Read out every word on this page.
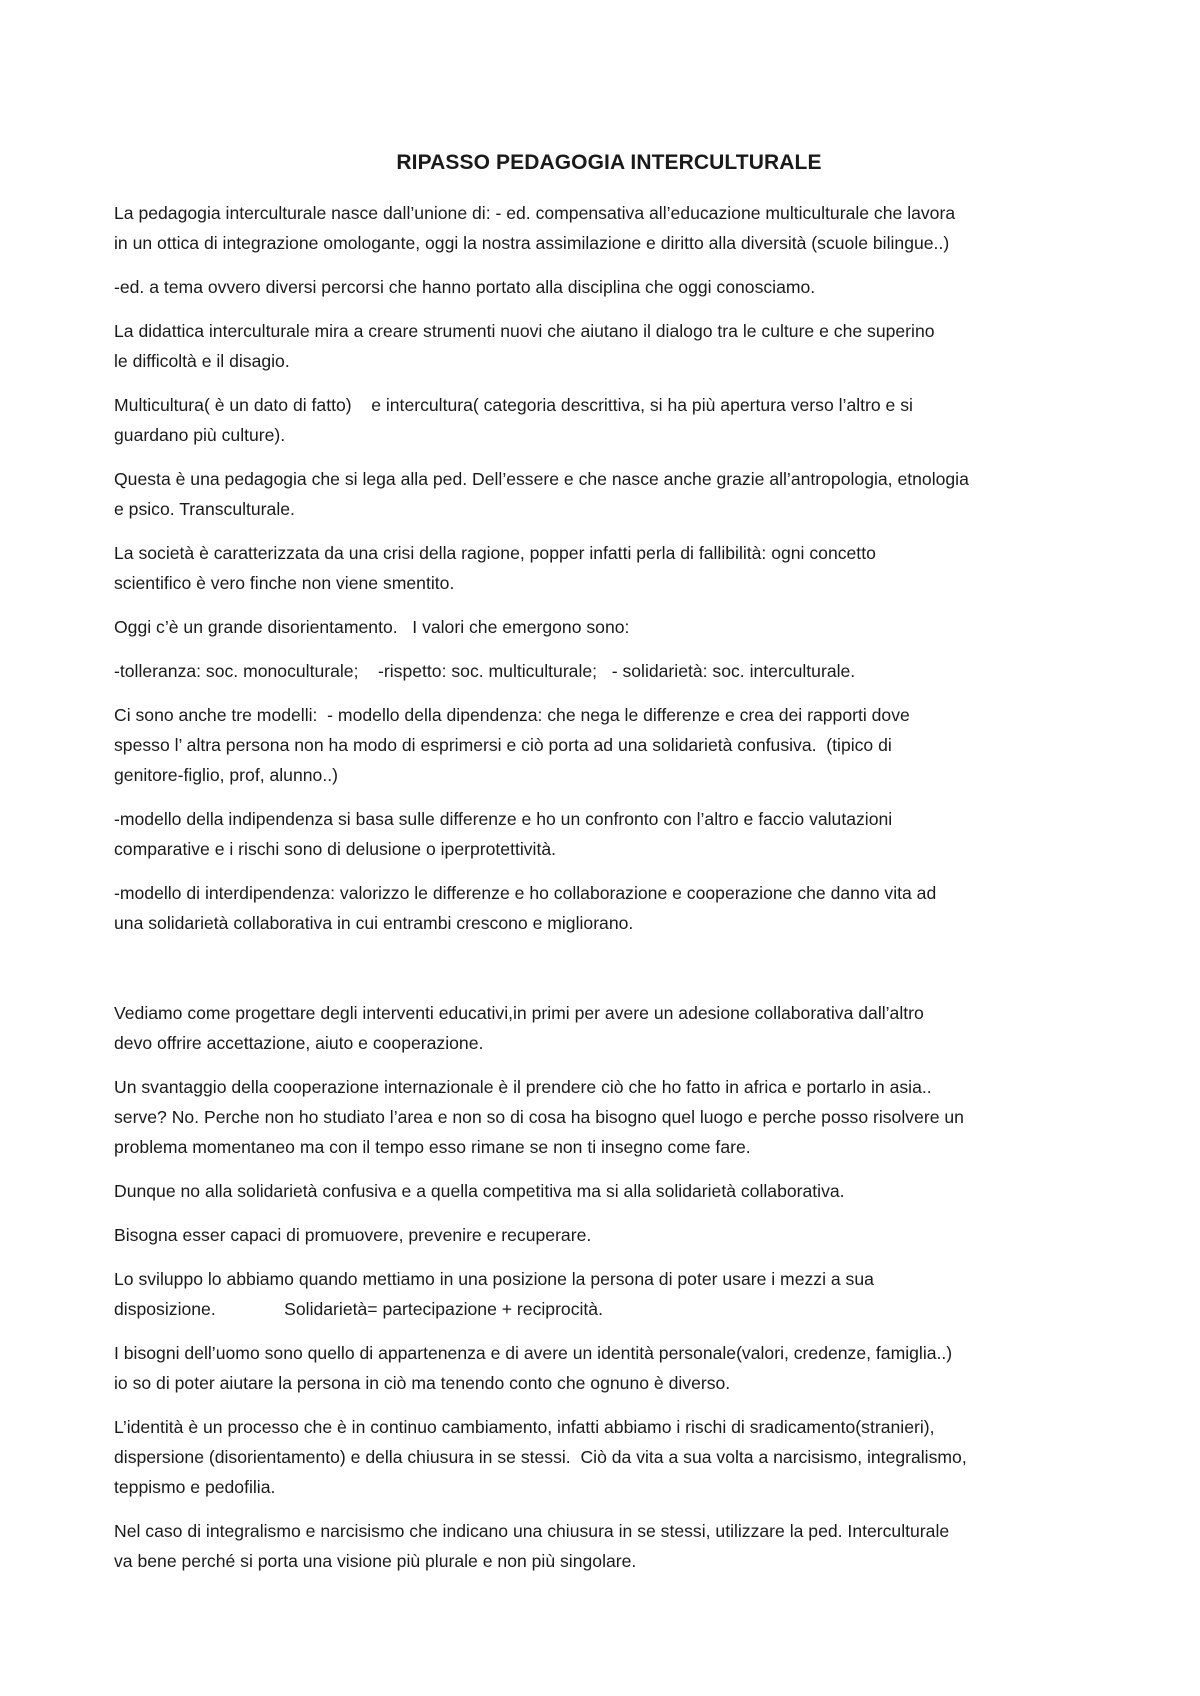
RIPASSO PEDAGOGIA INTERCULTURALE

La pedagogia interculturale nasce dall’unione di: - ed. compensativa all’educazione multiculturale che lavora
in un ottica di integrazione omologante, oggi la nostra assimilazione e diritto alla diversità (scuole bilingue..)

-ed. a tema ovvero diversi percorsi che hanno portato alla disciplina che oggi conosciamo.

La didattica interculturale mira a creare strumenti nuovi che aiutano il dialogo tra le culture e che superino
le difficoltà e il disagio.

Multicultura( è un dato di fatto)    e intercultura( categoria descrittiva, si ha più apertura verso l’altro e si
guardano più culture).

Questa è una pedagogia che si lega alla ped. Dell’essere e che nasce anche grazie all’antropologia, etnologia
e psico. Transculturale.

La società è caratterizzata da una crisi della ragione, popper infatti perla di fallibilità: ogni concetto
scientifico è vero finche non viene smentito.

Oggi c’è un grande disorientamento.   I valori che emergono sono:

-tolleranza: soc. monoculturale;    -rispetto: soc. multiculturale;   - solidarietà: soc. interculturale.

Ci sono anche tre modelli:  - modello della dipendenza: che nega le differenze e crea dei rapporti dove
spesso l’ altra persona non ha modo di esprimersi e ciò porta ad una solidarietà confusiva.  (tipico di
genitore-figlio, prof, alunno..)

-modello della indipendenza si basa sulle differenze e ho un confronto con l’altro e faccio valutazioni
comparative e i rischi sono di delusione o iperprotettività.

-modello di interdipendenza: valorizzo le differenze e ho collaborazione e cooperazione che danno vita ad
una solidarietà collaborativa in cui entrambi crescono e migliorano.

Vediamo come progettare degli interventi educativi,in primi per avere un adesione collaborativa dall’altro
devo offrire accettazione, aiuto e cooperazione.

Un svantaggio della cooperazione internazionale è il prendere ciò che ho fatto in africa e portarlo in asia..
serve? No. Perche non ho studiato l’area e non so di cosa ha bisogno quel luogo e perche posso risolvere un
problema momentaneo ma con il tempo esso rimane se non ti insegno come fare.

Dunque no alla solidarietà confusiva e a quella competitiva ma si alla solidarietà collaborativa.

Bisogna esser capaci di promuovere, prevenire e recuperare.

Lo sviluppo lo abbiamo quando mettiamo in una posizione la persona di poter usare i mezzi a sua
disposizione.              Solidarietà= partecipazione + reciprocità.

I bisogni dell’uomo sono quello di appartenenza e di avere un identità personale(valori, credenze, famiglia..)
io so di poter aiutare la persona in ciò ma tenendo conto che ognuno è diverso.

L’identità è un processo che è in continuo cambiamento, infatti abbiamo i rischi di sradicamento(stranieri),
dispersione (disorientamento) e della chiusura in se stessi.  Ciò da vita a sua volta a narcisismo, integralismo,
teppismo e pedofilia.

Nel caso di integralismo e narcisismo che indicano una chiusura in se stessi, utilizzare la ped. Interculturale
va bene perché si porta una visione più plurale e non più singolare.
